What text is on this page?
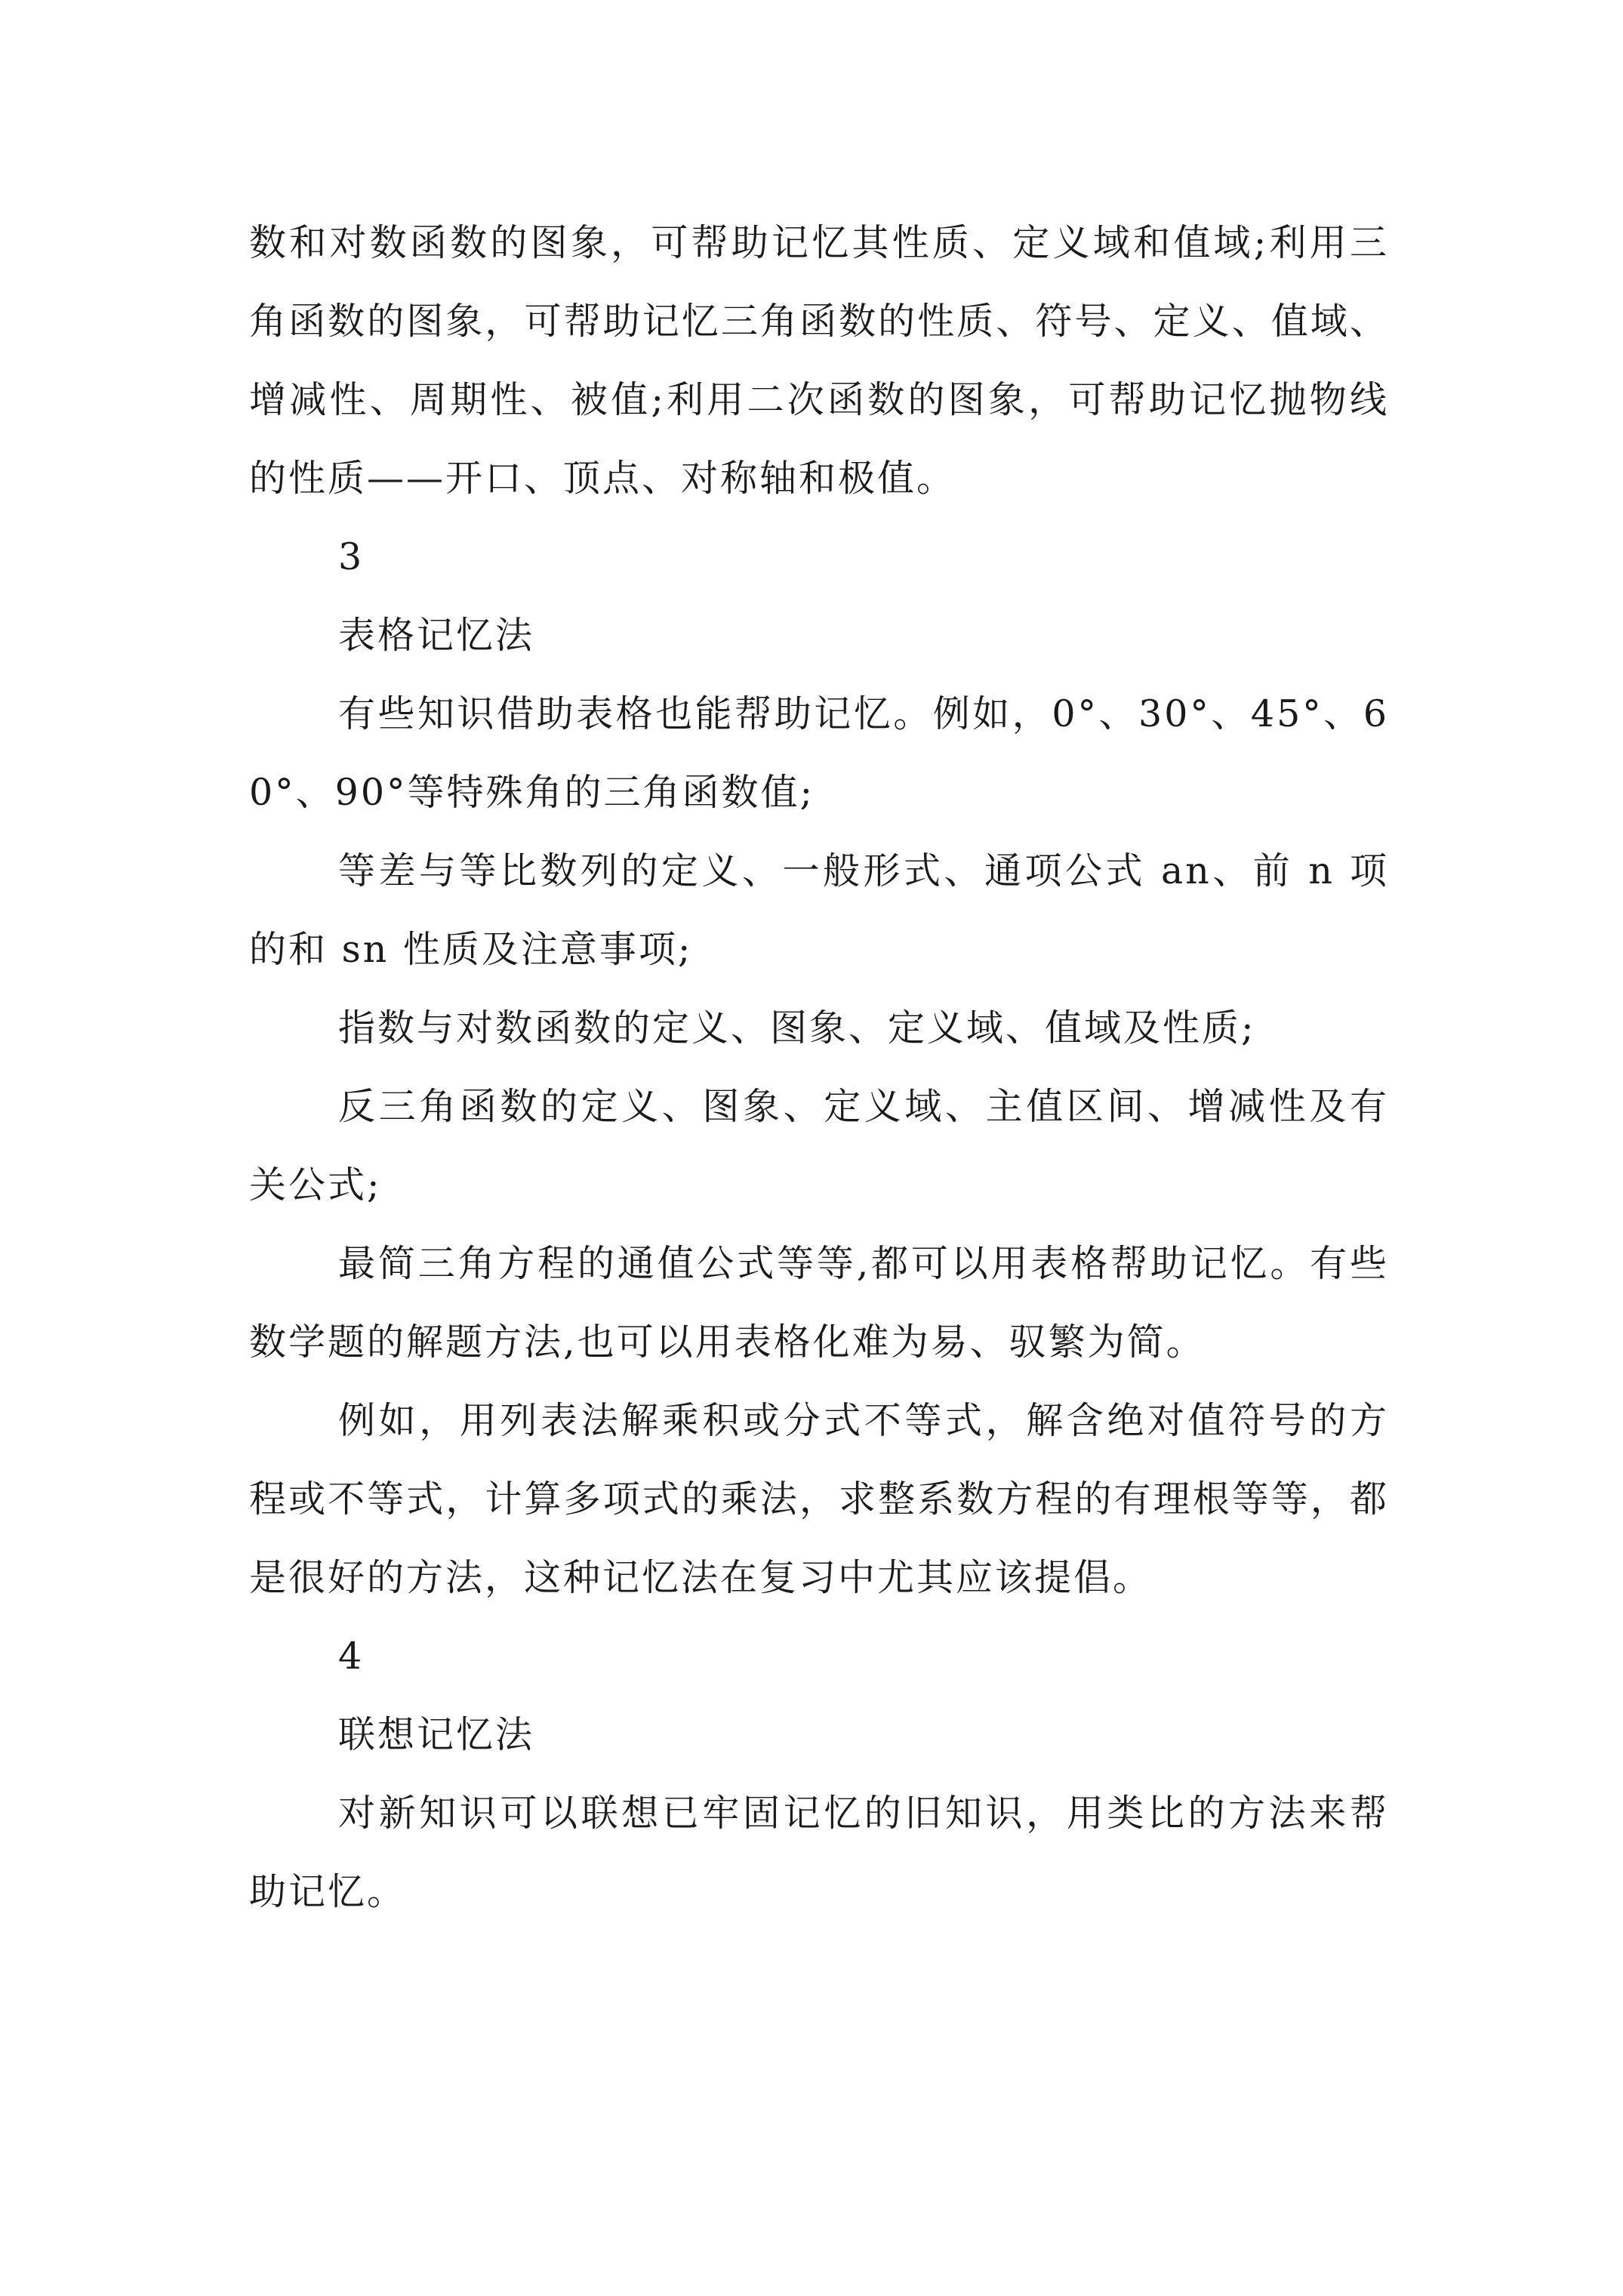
数和对数函数的图象，可帮助记忆其性质、定义域和值域;利用三角函数的图象，可帮助记忆三角函数的性质、符号、定义、值域、增减性、周期性、被值;利用二次函数的图象，可帮助记忆抛物线的性质——开口、顶点、对称轴和极值。

3

表格记忆法

有些知识借助表格也能帮助记忆。例如，0°、30°、45°、60°、90°等特殊角的三角函数值;

等差与等比数列的定义、一般形式、通项公式 an、前 n 项的和 sn 性质及注意事项;

指数与对数函数的定义、图象、定义域、值域及性质;

反三角函数的定义、图象、定义域、主值区间、增减性及有关公式;

最简三角方程的通值公式等等,都可以用表格帮助记忆。有些数学题的解题方法,也可以用表格化难为易、驭繁为简。

例如，用列表法解乘积或分式不等式，解含绝对值符号的方程或不等式，计算多项式的乘法，求整系数方程的有理根等等，都是很好的方法，这种记忆法在复习中尤其应该提倡。

4

联想记忆法

对新知识可以联想已牢固记忆的旧知识，用类比的方法来帮助记忆。
